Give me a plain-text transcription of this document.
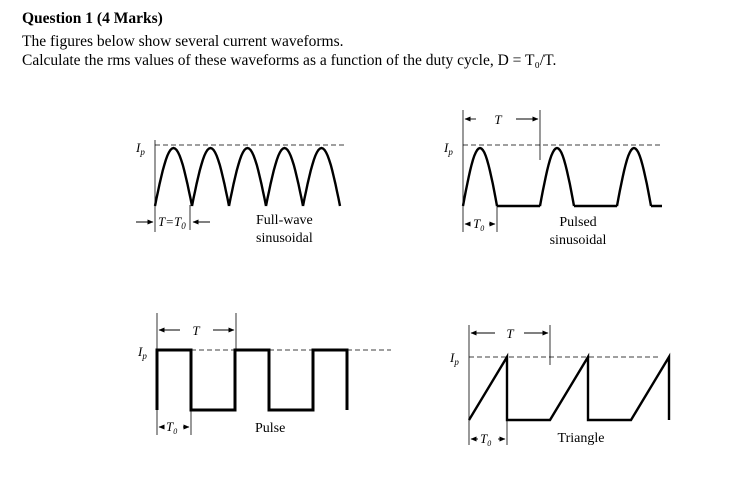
Question 1 (4 Marks)
The figures below show several current waveforms.
Calculate the rms values of these waveforms as a function of the duty cycle, D = T₀/T.
$I_p$
$T=T_0$	Full-wave
sinusoidal
$I_p$
T
$T_0$	Pulsed
sinusoidal
$I_p$
T
$T_0$	Pulse
$I_p$
T
$T_0$	Triangle
